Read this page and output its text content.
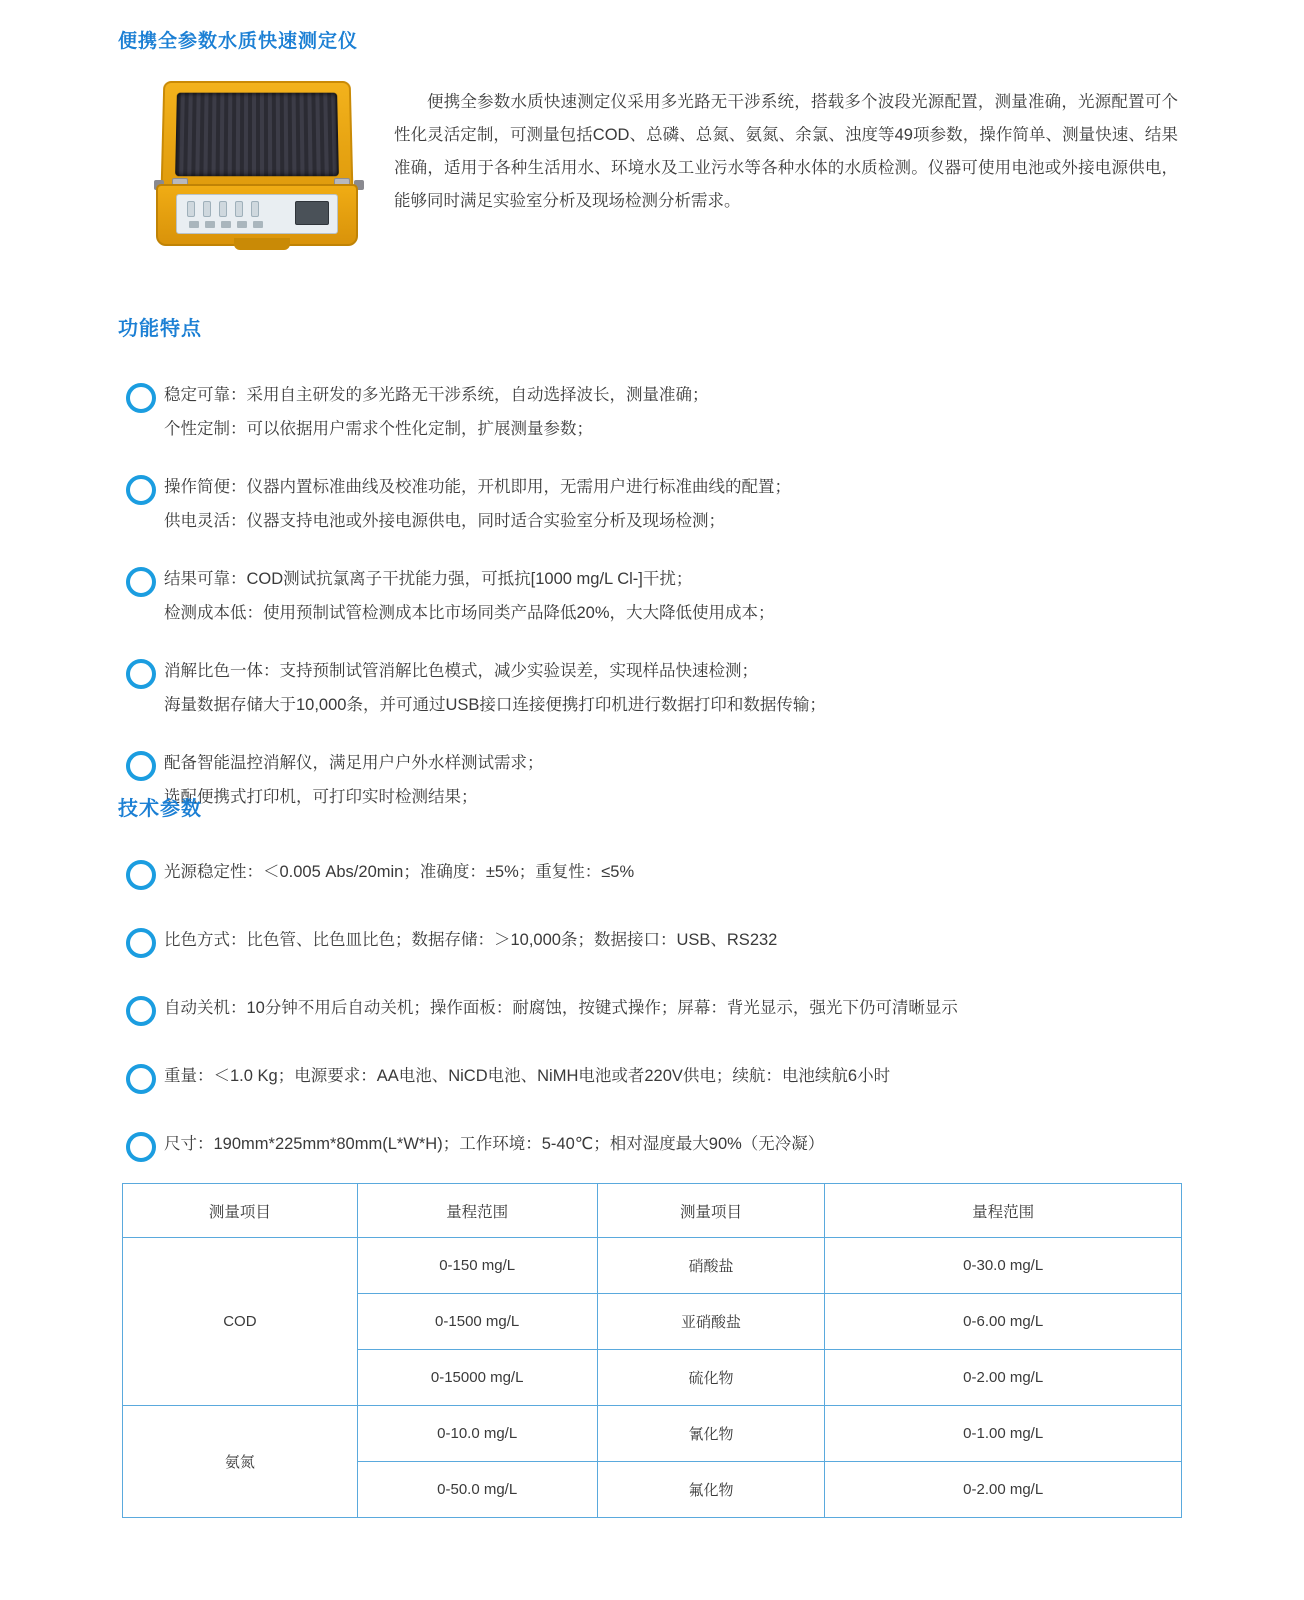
便携全参数水质快速测定仪

便携全参数水质快速测定仪采用多光路无干涉系统，搭载多个波段光源配置，测量准确，光源配置可个性化灵活定制，可测量包括COD、总磷、总氮、氨氮、余氯、浊度等49项参数，操作简单、测量快速、结果准确，适用于各种生活用水、环境水及工业污水等各种水体的水质检测。仪器可使用电池或外接电源供电，能够同时满足实验室分析及现场检测分析需求。

功能特点
稳定可靠：采用自主研发的多光路无干涉系统，自动选择波长，测量准确；
个性定制：可以依据用户需求个性化定制，扩展测量参数；
操作简便：仪器内置标准曲线及校准功能，开机即用，无需用户进行标准曲线的配置；
供电灵活：仪器支持电池或外接电源供电，同时适合实验室分析及现场检测；
结果可靠：COD测试抗氯离子干扰能力强，可抵抗[1000 mg/L Cl-]干扰；
检测成本低：使用预制试管检测成本比市场同类产品降低20%，大大降低使用成本；
消解比色一体：支持预制试管消解比色模式，减少实验误差，实现样品快速检测；
海量数据存储大于10,000条，并可通过USB接口连接便携打印机进行数据打印和数据传输；
配备智能温控消解仪，满足用户户外水样测试需求；
选配便携式打印机，可打印实时检测结果；
技术参数
光源稳定性：＜0.005 Abs/20min；准确度：±5%；重复性：≤5%
比色方式：比色管、比色皿比色；数据存储：＞10,000条；数据接口：USB、RS232
自动关机：10分钟不用后自动关机；操作面板：耐腐蚀，按键式操作；屏幕：背光显示，强光下仍可清晰显示
重量：＜1.0 Kg；电源要求：AA电池、NiCD电池、NiMH电池或者220V供电；续航：电池续航6小时
尺寸：190mm*225mm*80mm(L*W*H)；工作环境：5-40℃；相对湿度最大90%（无冷凝）
测量项目	量程范围	测量项目	量程范围
COD	0-150 mg/L	硝酸盐	0-30.0 mg/L
	0-1500 mg/L	亚硝酸盐	0-6.00 mg/L
	0-15000 mg/L	硫化物	0-2.00 mg/L
氨氮	0-10.0 mg/L	氰化物	0-1.00 mg/L
	0-50.0 mg/L	氟化物	0-2.00 mg/L
